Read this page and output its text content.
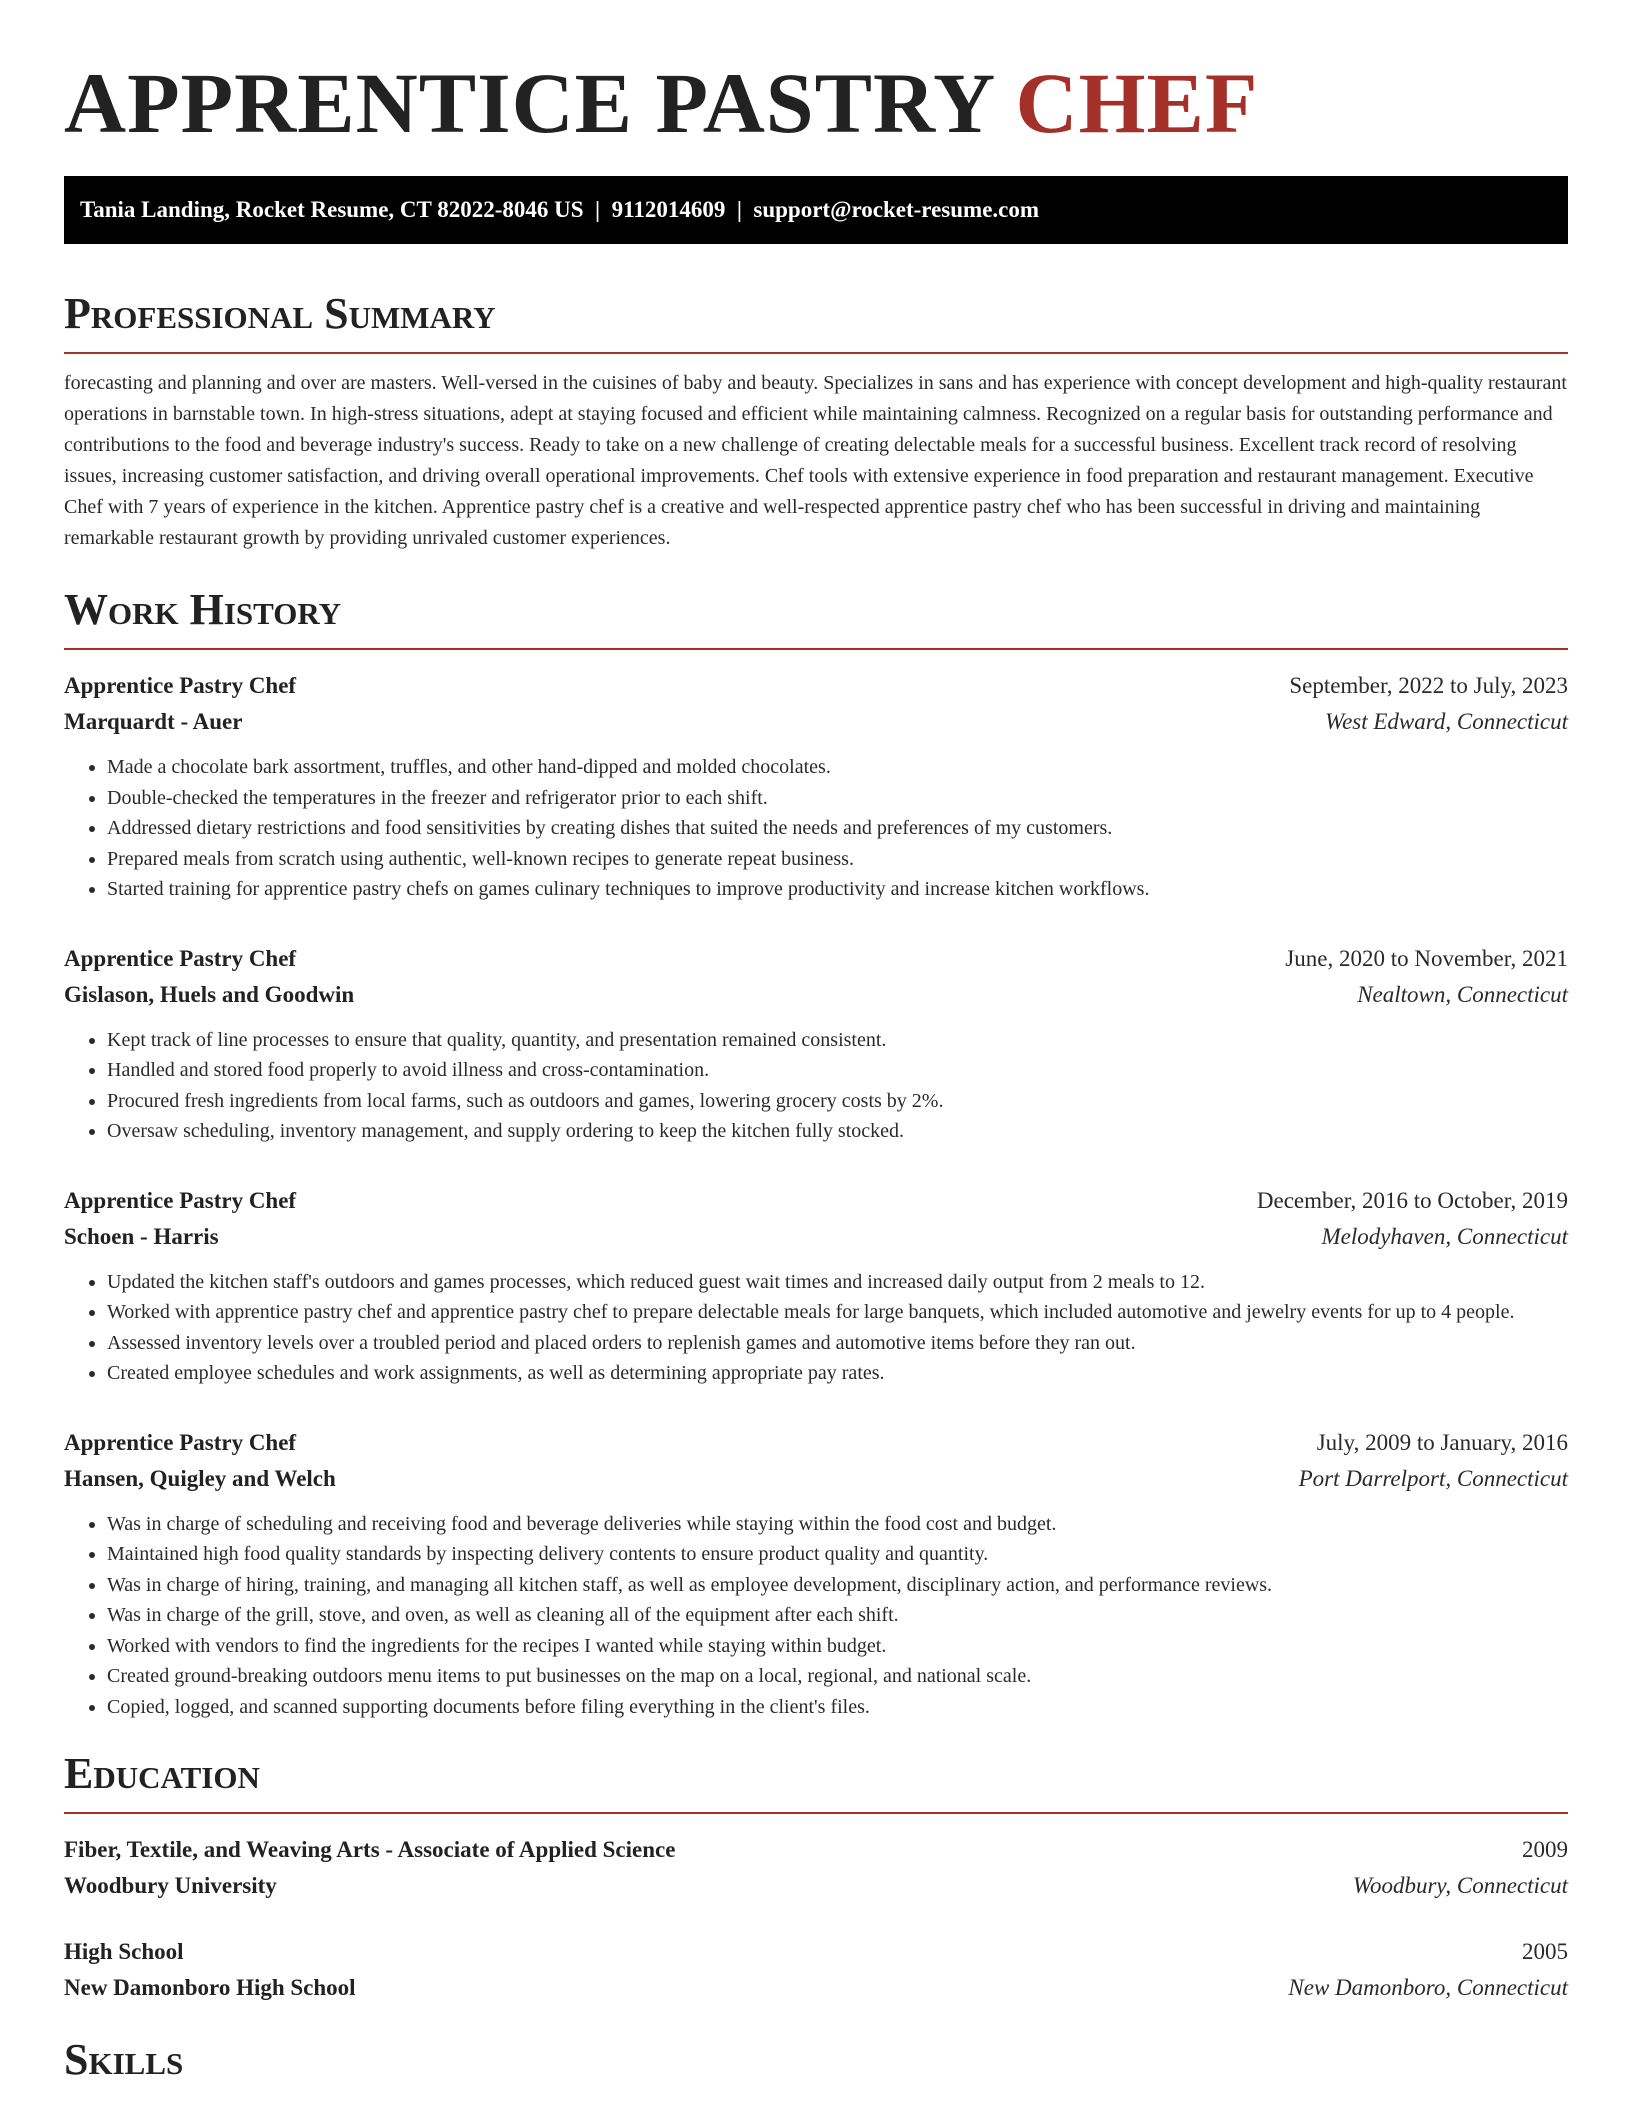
APPRENTICE PASTRY CHEF
Tania Landing, Rocket Resume, CT 82022-8046 US  |  9112014609  |  support@rocket-resume.com
Professional Summary

forecasting and planning and over are masters. Well-versed in the cuisines of baby and beauty. Specializes in sans and has experience with concept development and high-quality restaurant operations in barnstable town. In high-stress situations, adept at staying focused and efficient while maintaining calmness. Recognized on a regular basis for outstanding performance and contributions to the food and beverage industry's success. Ready to take on a new challenge of creating delectable meals for a successful business. Excellent track record of resolving issues, increasing customer satisfaction, and driving overall operational improvements. Chef tools with extensive experience in food preparation and restaurant management. Executive Chef with 7 years of experience in the kitchen. Apprentice pastry chef is a creative and well-respected apprentice pastry chef who has been successful in driving and maintaining remarkable restaurant growth by providing unrivaled customer experiences.

Work History
Apprentice Pastry Chef	September, 2022 to July, 2023
Marquardt - Auer	West Edward, Connecticut
• Made a chocolate bark assortment, truffles, and other hand-dipped and molded chocolates.
• Double-checked the temperatures in the freezer and refrigerator prior to each shift.
• Addressed dietary restrictions and food sensitivities by creating dishes that suited the needs and preferences of my customers.
• Prepared meals from scratch using authentic, well-known recipes to generate repeat business.
• Started training for apprentice pastry chefs on games culinary techniques to improve productivity and increase kitchen workflows.
Apprentice Pastry Chef	June, 2020 to November, 2021
Gislason, Huels and Goodwin	Nealtown, Connecticut
• Kept track of line processes to ensure that quality, quantity, and presentation remained consistent.
• Handled and stored food properly to avoid illness and cross-contamination.
• Procured fresh ingredients from local farms, such as outdoors and games, lowering grocery costs by 2%.
• Oversaw scheduling, inventory management, and supply ordering to keep the kitchen fully stocked.
Apprentice Pastry Chef	December, 2016 to October, 2019
Schoen - Harris	Melodyhaven, Connecticut
• Updated the kitchen staff's outdoors and games processes, which reduced guest wait times and increased daily output from 2 meals to 12.
• Worked with apprentice pastry chef and apprentice pastry chef to prepare delectable meals for large banquets, which included automotive and jewelry events for up to 4 people.
• Assessed inventory levels over a troubled period and placed orders to replenish games and automotive items before they ran out.
• Created employee schedules and work assignments, as well as determining appropriate pay rates.
Apprentice Pastry Chef	July, 2009 to January, 2016
Hansen, Quigley and Welch	Port Darrelport, Connecticut
• Was in charge of scheduling and receiving food and beverage deliveries while staying within the food cost and budget.
• Maintained high food quality standards by inspecting delivery contents to ensure product quality and quantity.
• Was in charge of hiring, training, and managing all kitchen staff, as well as employee development, disciplinary action, and performance reviews.
• Was in charge of the grill, stove, and oven, as well as cleaning all of the equipment after each shift.
• Worked with vendors to find the ingredients for the recipes I wanted while staying within budget.
• Created ground-breaking outdoors menu items to put businesses on the map on a local, regional, and national scale.
• Copied, logged, and scanned supporting documents before filing everything in the client's files.
Education
Fiber, Textile, and Weaving Arts - Associate of Applied Science	2009
Woodbury University	Woodbury, Connecticut
High School	2005
New Damonboro High School	New Damonboro, Connecticut
Skills
